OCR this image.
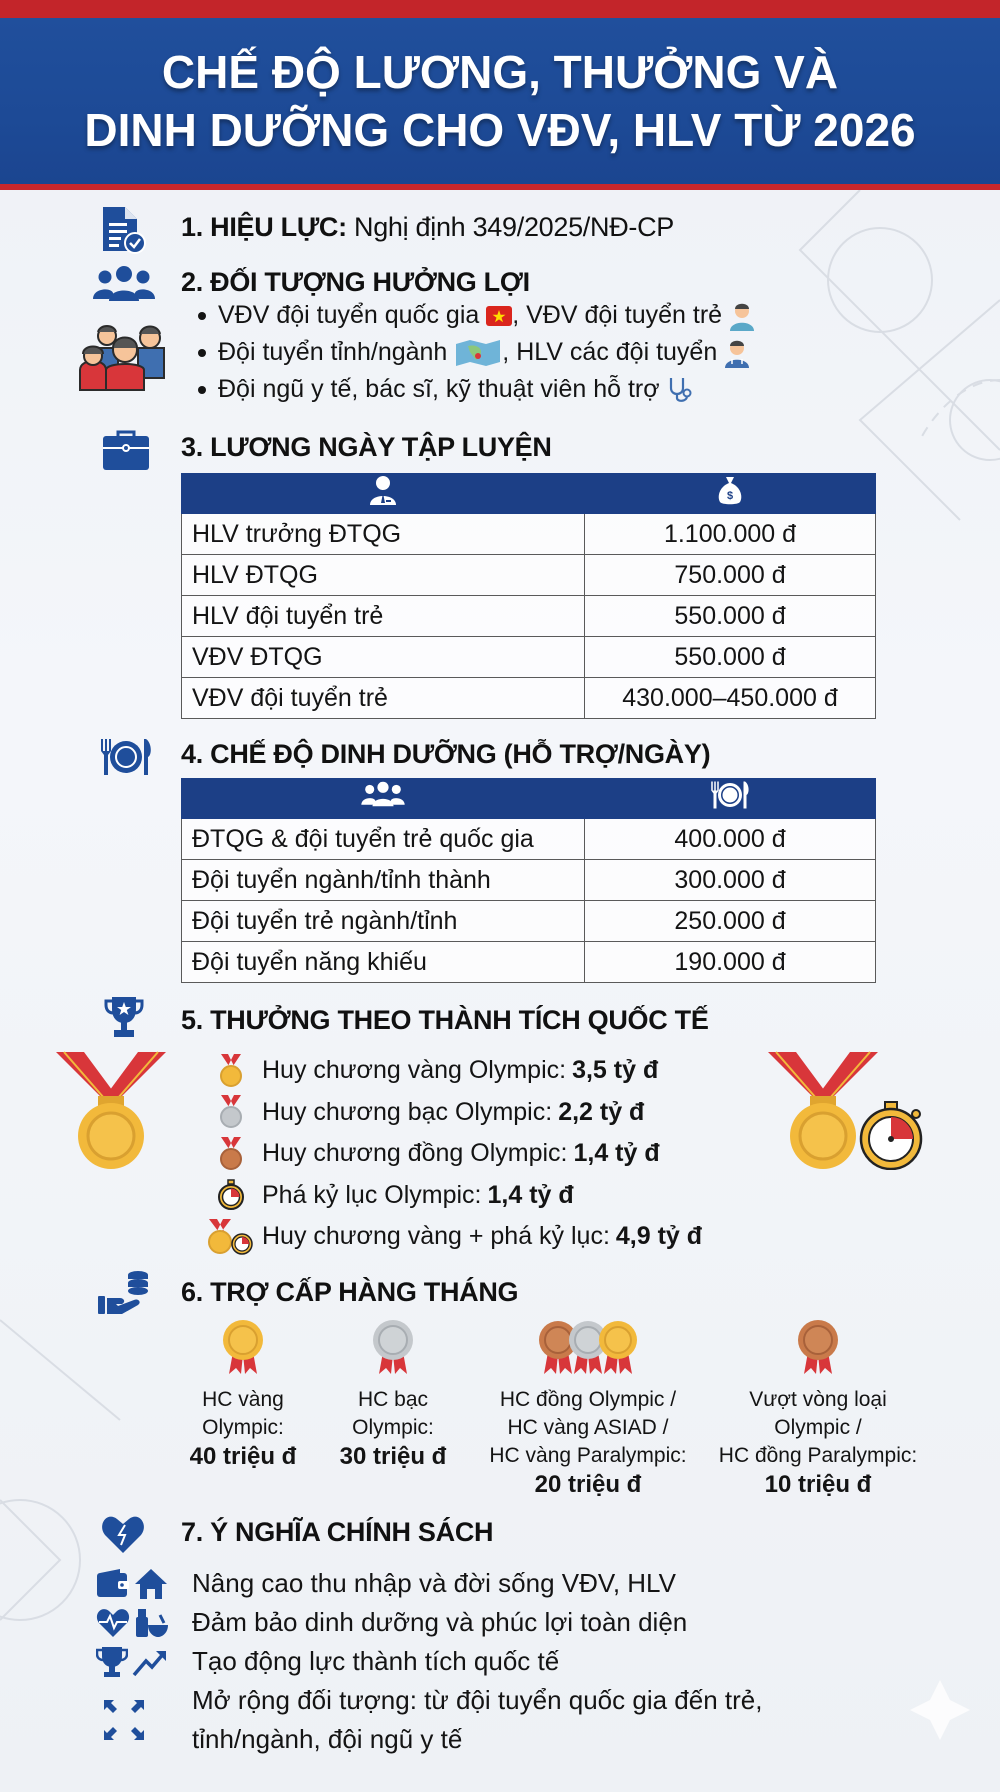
CHẾ ĐỘ LƯƠNG, THƯỞNG VÀ
DINH DƯỠNG CHO VĐV, HLV TỪ 2026
1. HIỆU LỰC: Nghị định 349/2025/NĐ-CP
2. ĐỐI TƯỢNG HƯỞNG LỢI
VĐV đội tuyển quốc gia , VĐV đội tuyển trẻ
Đội tuyển tỉnh/ngành , HLV các đội tuyển
Đội ngũ y tế, bác sĩ, kỹ thuật viên hỗ trợ
3. LƯƠNG NGÀY TẬP LUYỆN

$

HLV trưởng ĐTQG	1.100.000 đ
HLV ĐTQG	750.000 đ
HLV đội tuyển trẻ	550.000 đ
VĐV ĐTQG	550.000 đ
VĐV đội tuyển trẻ	430.000–450.000 đ
4. CHẾ ĐỘ DINH DƯỠNG (HỖ TRỢ/NGÀY)

ĐTQG & đội tuyển trẻ quốc gia	400.000 đ
Đội tuyển ngành/tỉnh thành	300.000 đ
Đội tuyển trẻ ngành/tỉnh	250.000 đ
Đội tuyển năng khiếu	190.000 đ
5. THƯỞNG THEO THÀNH TÍCH QUỐC TẾ
Huy chương vàng Olympic: 3,5 tỷ đ
Huy chương bạc Olympic: 2,2 tỷ đ
Huy chương đồng Olympic: 1,4 tỷ đ
Phá kỷ lục Olympic: 1,4 tỷ đ
Huy chương vàng + phá kỷ lục: 4,9 tỷ đ
6. TRỢ CẤP HÀNG THÁNG
HC vàng
Olympic:
40 triệu đ
HC bạc
Olympic:
30 triệu đ
HC đồng Olympic /
HC vàng ASIAD /
HC vàng Paralympic:
20 triệu đ
Vượt vòng loại
Olympic /
HC đồng Paralympic:
10 triệu đ
7. Ý NGHĨA CHÍNH SÁCH
Nâng cao thu nhập và đời sống VĐV, HLV
Đảm bảo dinh dưỡng và phúc lợi toàn diện
Tạo động lực thành tích quốc tế
Mở rộng đối tượng: từ đội tuyển quốc gia đến trẻ,
tỉnh/ngành, đội ngũ y tế
